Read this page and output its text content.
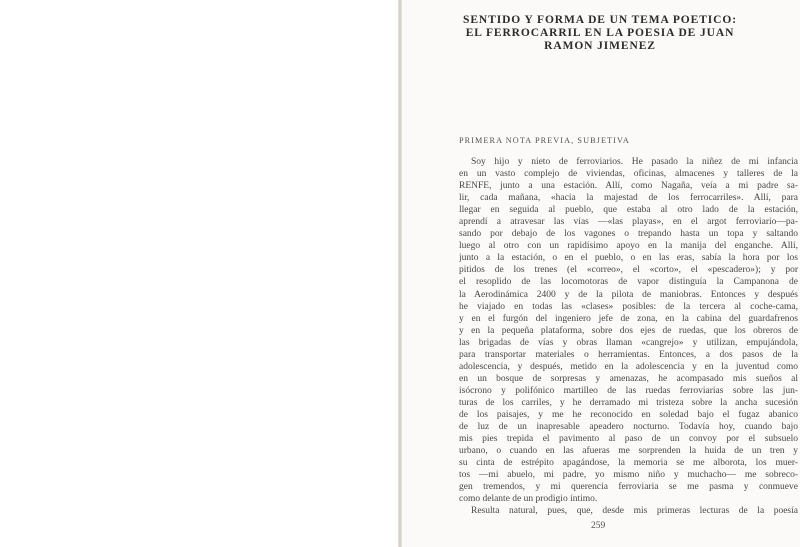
SENTIDO Y FORMA DE UN TEMA POETICO:
EL FERROCARRIL EN LA POESIA DE JUAN
RAMON JIMENEZ
PRIMERA NOTA PREVIA, SUBJETIVA
Soy hijo y nieto de ferroviarios. He pasado la niñez de mi infancia
en un vasto complejo de viviendas, oficinas, almacenes y talleres de la
RENFE, junto a una estación. Allí, como Nagaña, veía a mi padre sa-
lir, cada mañana, «hacia la majestad de los ferrocarriles». Allí, para
llegar en seguida al pueblo, que estaba al otro lado de la estación,
aprendí a atravesar las vías —«las playas», en el argot ferroviario—pa-
sando por debajo de los vagones o trepando hasta un topa y saltando
luego al otro con un rapidísimo apoyo en la manija del enganche. Allí,
junto a la estación, o en el pueblo, o en las eras, sabía la hora por los
pitidos de los trenes (el «correo», el «corto», el «pescadero»); y por
el resoplido de las locomotoras de vapor distinguía la Campanona de
la Aerodinámica 2400 y de la pilota de maniobras. Entonces y después
he viajado en todas las «clases» posibles: de la tercera al coche-cama,
y en el furgón del ingeniero jefe de zona, en la cabina del guardafrenos
y en la pequeña plataforma, sobre dos ejes de ruedas, que los obreros de
las brigadas de vías y obras llaman «cangrejo» y utilizan, empujándola,
para transportar materiales o herramientas. Entonces, a dos pasos de la
adolescencia, y después, metido en la adolescencia y en la juventud como
en un bosque de sorpresas y amenazas, he acompasado mis sueños al
isócrono y polifónico martilleo de las ruedas ferroviarias sobre las jun-
turas de los carriles, y he derramado mi tristeza sobre la ancha sucesión
de los paisajes, y me he reconocido en soledad bajo el fugaz abanico
de luz de un inapresable apeadero nocturno. Todavía hoy, cuando bajo
mis pies trepida el pavimento al paso de un convoy por el subsuelo
urbano, o cuando en las afueras me sorprenden la huida de un tren y
su cinta de estrépito apagándose, la memoria se me alborota, los muer-
tos —mi abuelo, mi padre, yo mismo niño y muchacho— me sobreco-
gen tremendos, y mi querencia ferroviaria se me pasma y conmueve
como delante de un prodigio íntimo.
Resulta natural, pues, que, desde mis primeras lecturas de la poesía
259
